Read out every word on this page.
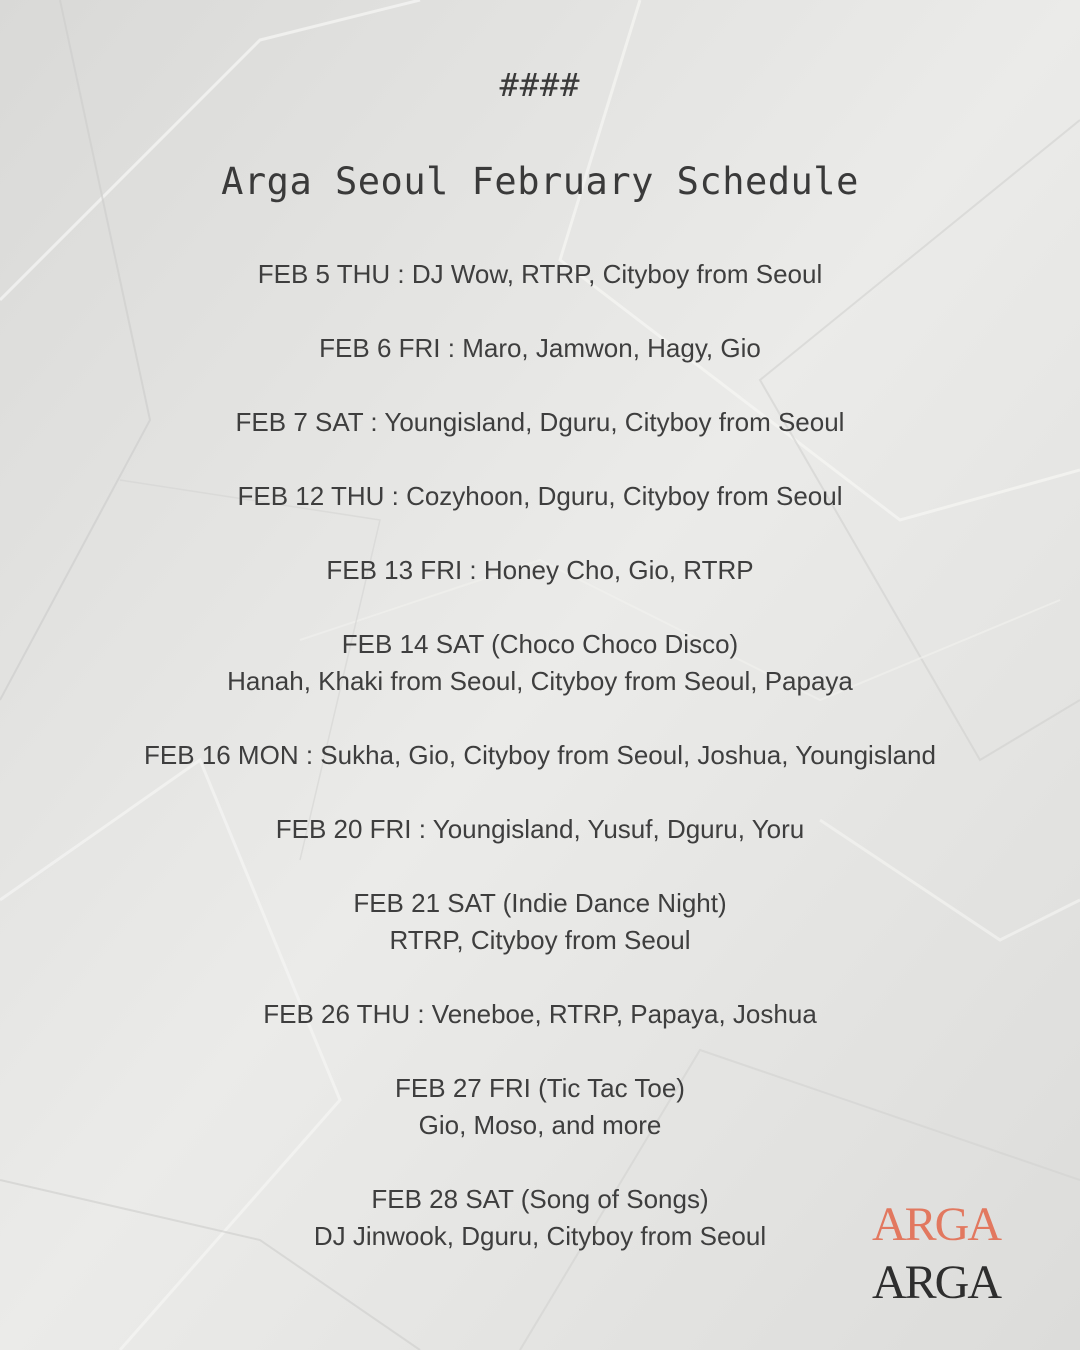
####
Arga Seoul February Schedule
FEB 5 THU : DJ Wow, RTRP, Cityboy from Seoul
FEB 6 FRI : Maro, Jamwon, Hagy, Gio
FEB 7 SAT : Youngisland, Dguru, Cityboy from Seoul
FEB 12 THU : Cozyhoon, Dguru, Cityboy from Seoul
FEB 13 FRI : Honey Cho, Gio, RTRP
FEB 14 SAT (Choco Choco Disco)
Hanah, Khaki from Seoul, Cityboy from Seoul, Papaya
FEB 16 MON : Sukha, Gio, Cityboy from Seoul, Joshua, Youngisland
FEB 20 FRI : Youngisland, Yusuf, Dguru, Yoru
FEB 21 SAT (Indie Dance Night)
RTRP, Cityboy from Seoul
FEB 26 THU : Veneboe, RTRP, Papaya, Joshua
FEB 27 FRI (Tic Tac Toe)
Gio, Moso, and more
FEB 28 SAT (Song of Songs)
DJ Jinwook, Dguru, Cityboy from Seoul	ARGA
ARGA
